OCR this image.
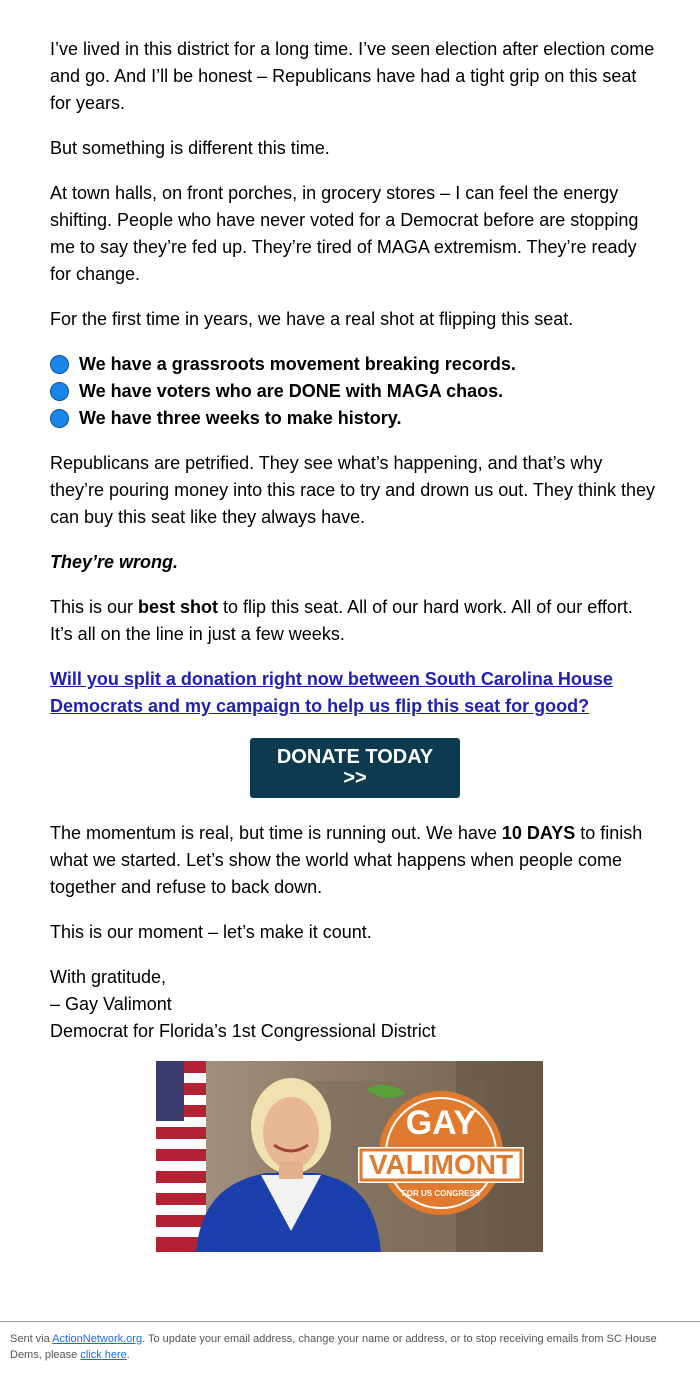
I’ve lived in this district for a long time. I’ve seen election after election come and go. And I’ll be honest – Republicans have had a tight grip on this seat for years.

But something is different this time.

At town halls, on front porches, in grocery stores – I can feel the energy shifting. People who have never voted for a Democrat before are stopping me to say they’re fed up. They’re tired of MAGA extremism. They’re ready for change.

For the first time in years, we have a real shot at flipping this seat.

We have a grassroots movement breaking records.
We have voters who are DONE with MAGA chaos.
We have three weeks to make history.

Republicans are petrified. They see what’s happening, and that’s why they’re pouring money into this race to try and drown us out. They think they can buy this seat like they always have.

They’re wrong.

This is our best shot to flip this seat. All of our hard work. All of our effort. It’s all on the line in just a few weeks.

Will you split a donation right now between South Carolina House Democrats and my campaign to help us flip this seat for good?

DONATE TODAY
>>

The momentum is real, but time is running out. We have 10 DAYS to finish what we started. Let’s show the world what happens when people come together and refuse to back down.

This is our moment – let’s make it count.

With gratitude,

– Gay Valimont

Democrat for Florida’s 1st Congressional District

GAY
VALIMONT
FOR US CONGRESS
Sent via ActionNetwork.org. To update your email address, change your name or address, or to stop receiving emails from SC House Dems, please click here.
